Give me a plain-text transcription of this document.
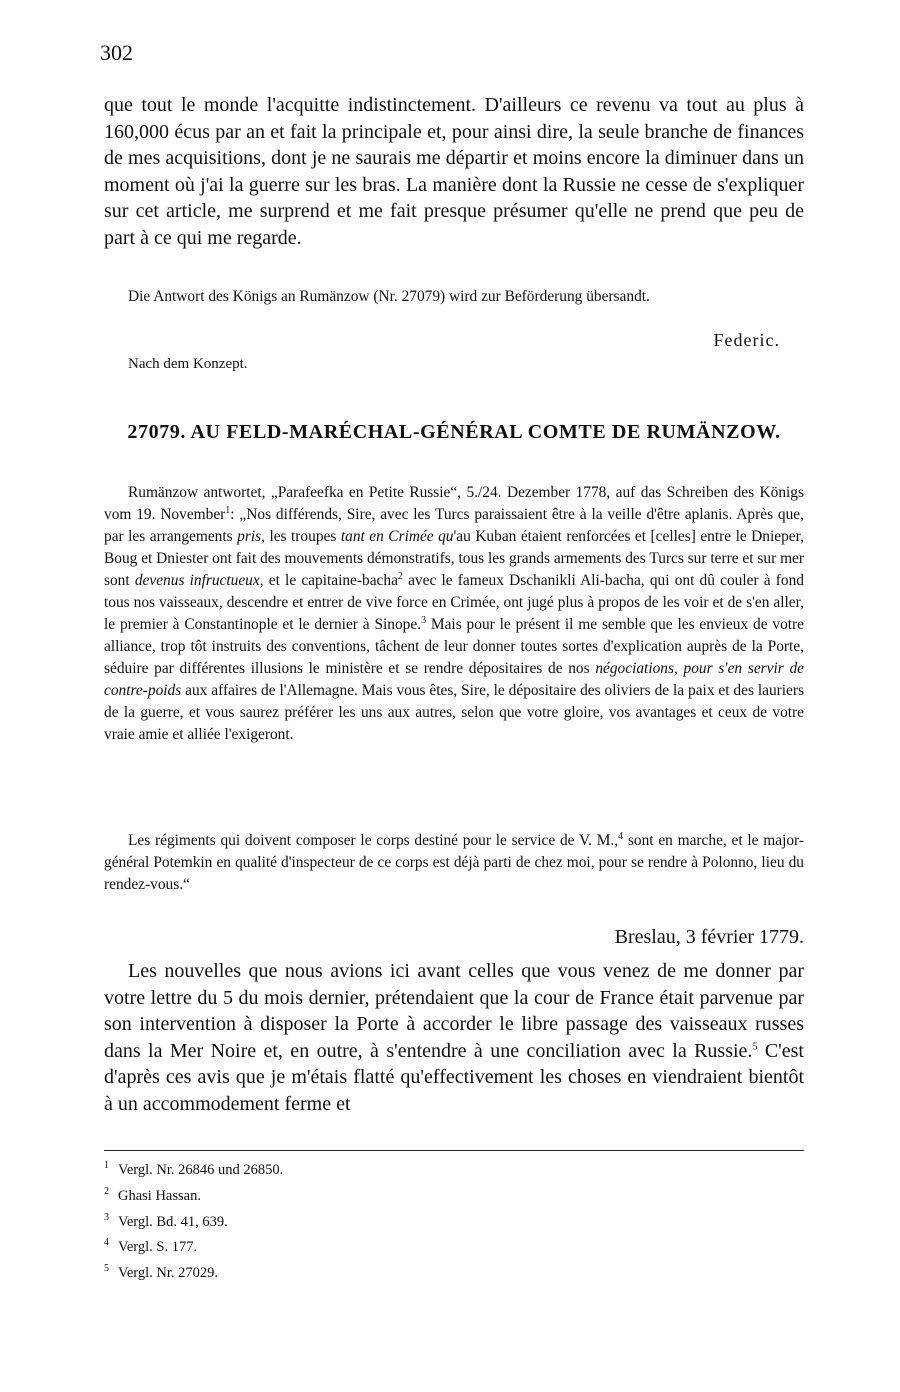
302

que tout le monde l'acquitte indistinctement. D'ailleurs ce revenu va tout au plus à 160,000 écus par an et fait la principale et, pour ainsi dire, la seule branche de finances de mes acquisitions, dont je ne saurais me départir et moins encore la diminuer dans un moment où j'ai la guerre sur les bras. La manière dont la Russie ne cesse de s'expliquer sur cet article, me surprend et me fait presque présumer qu'elle ne prend que peu de part à ce qui me regarde.

Die Antwort des Königs an Rumänzow (Nr. 27079) wird zur Beförderung übersandt.

Federic.
Nach dem Konzept.
27079. AU FELD-MARÉCHAL-GÉNÉRAL COMTE DE RUMÄNZOW.

Rumänzow antwortet, „Parafeefka en Petite Russie“, 5./24. Dezember 1778, auf das Schreiben des Königs vom 19. November$^1$: „Nos différends, Sire, avec les Turcs paraissaient être à la veille d'être aplanis. Après que, par les arrangements pris, les troupes tant en Crimée qu'au Kuban étaient renforcées et [celles] entre le Dnieper, Boug et Dniester ont fait des mouvements démonstratifs, tous les grands armements des Turcs sur terre et sur mer sont devenus infructueux, et le capitaine-bacha$^2$ avec le fameux Dschanikli Ali-bacha, qui ont dû couler à fond tous nos vaisseaux, descendre et entrer de vive force en Crimée, ont jugé plus à propos de les voir et de s'en aller, le premier à Constantinople et le dernier à Sinope.$^3$ Mais pour le présent il me semble que les envieux de votre alliance, trop tôt instruits des conventions, tâchent de leur donner toutes sortes d'explication auprès de la Porte, séduire par différentes illusions le ministère et se rendre dépositaires de nos négociations, pour s'en servir de contre-poids aux affaires de l'Allemagne. Mais vous êtes, Sire, le dépositaire des oliviers de la paix et des lauriers de la guerre, et vous saurez préférer les uns aux autres, selon que votre gloire, vos avantages et ceux de votre vraie amie et alliée l'exigeront.

Les régiments qui doivent composer le corps destiné pour le service de V. M.,$^4$ sont en marche, et le major-général Potemkin en qualité d'inspecteur de ce corps est déjà parti de chez moi, pour se rendre à Polonno, lieu du rendez-vous.“

Breslau, 3 février 1779.

Les nouvelles que nous avions ici avant celles que vous venez de me donner par votre lettre du 5 du mois dernier, prétendaient que la cour de France était parvenue par son intervention à disposer la Porte à accorder le libre passage des vaisseaux russes dans la Mer Noire et, en outre, à s'entendre à une conciliation avec la Russie.$^5$ C'est d'après ces avis que je m'étais flatté qu'effectivement les choses en viendraient bientôt à un accommodement ferme et

1 Vergl. Nr. 26846 und 26850.
2 Ghasi Hassan.
3 Vergl. Bd. 41, 639.
4 Vergl. S. 177.
5 Vergl. Nr. 27029.
